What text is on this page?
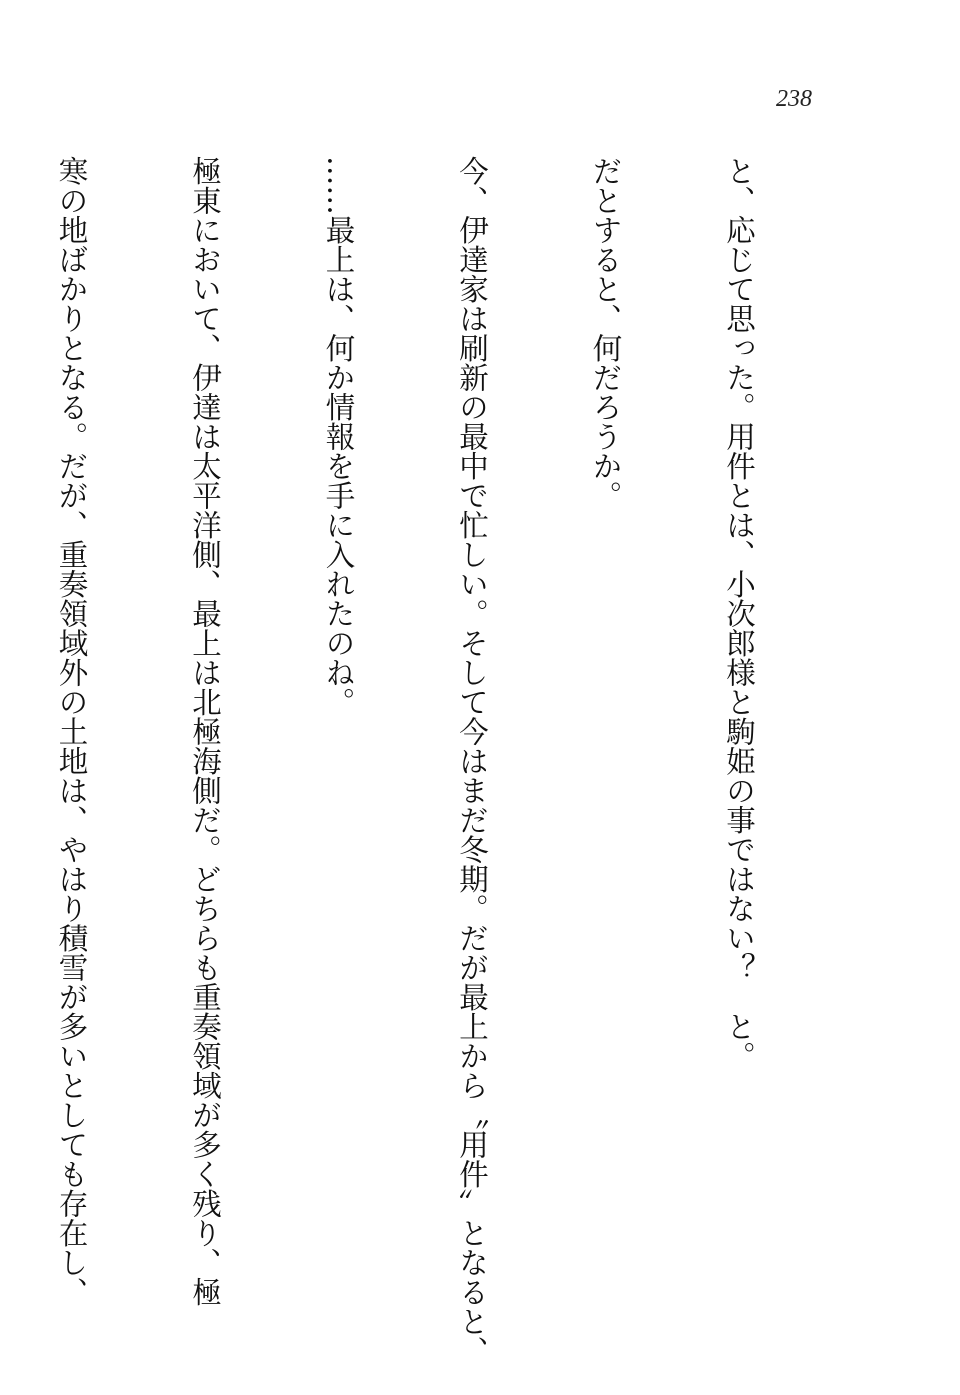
238

と、応じて思った。用件とは、小次郎様と駒姫の事ではない？　と。

だとすると、何だろうか。

今、伊達家は刷新の最中で忙しい。そして今はまだ冬期。だが最上から〝用件〟となると、

……最上は、何か情報を手に入れたのね。

極東において、伊達は太平洋側、最上は北極海側だ。どちらも重奏領域が多く残り、極

寒の地ばかりとなる。だが、重奏領域外の土地は、やはり積雪が多いとしても存在し、
